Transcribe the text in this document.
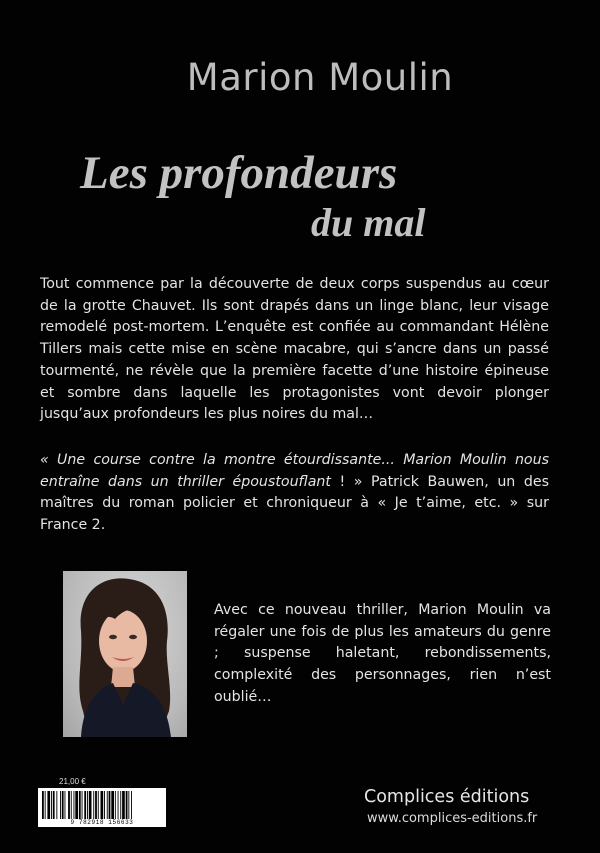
Marion Moulin
Les profondeurs
du mal
Tout commence par la découverte de deux corps suspendus au cœur de la grotte Chauvet. Ils sont drapés dans un linge blanc, leur visage remodelé post-mortem. L’enquête est confiée au commandant Hélène Tillers mais cette mise en scène macabre, qui s’ancre dans un passé tourmenté, ne révèle que la première facette d’une histoire épineuse et sombre dans laquelle les protagonistes vont devoir plonger jusqu’aux profondeurs les plus noires du mal…
« Une course contre la montre étourdissante... Marion Moulin nous entraîne dans un thriller époustouflant ! » Patrick Bauwen, un des maîtres du roman policier et chroniqueur à « Je t’aime, etc. » sur France 2.
Avec ce nouveau thriller, Marion Moulin va régaler une fois de plus les amateurs du genre ; suspense haletant, rebondissements, complexité des personnages, rien n’est oublié…
21,00 €
9 782918 156633
Complices éditions
www.complices-editions.fr
